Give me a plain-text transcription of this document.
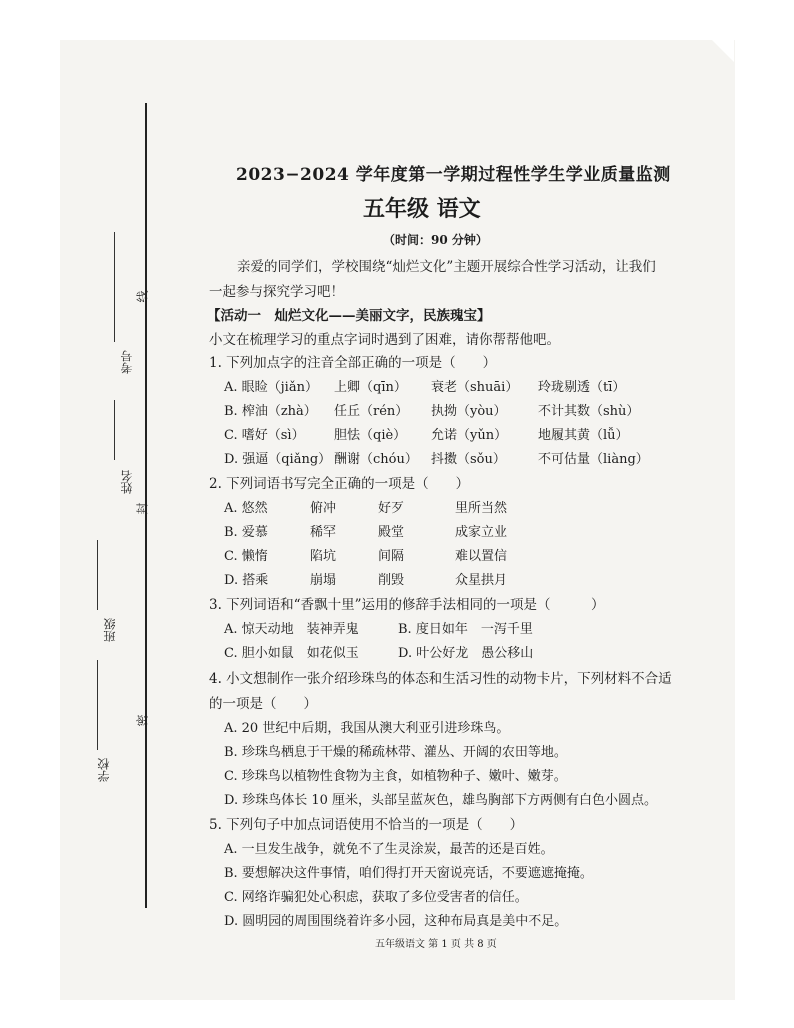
线
封
密
考号
姓名
班级
学校
2023−2024 学年度第一学期过程性学生学业质量监测
五年级 语文
（时间：90 分钟）
亲爱的同学们，学校围绕“灿烂文化”主题开展综合性学习活动，让我们
一起参与探究学习吧！
【活动一　灿烂文化——美丽文字，民族瑰宝】
小文在梳理学习的重点字词时遇到了困难，请你帮帮他吧。
1. 下列加点字的注音全部正确的一项是（　　）
A. 眼睑（jiǎn） 上卿（qīn） 衰老（shuāi） 玲珑剔透（tī）
B. 榨油（zhà） 任丘（rén） 执拗（yòu） 不计其数（shù）
C. 嗜好（sì） 胆怯（qiè） 允诺（yǔn） 地履其黄（lǚ）
D. 强逼（qiǎng） 酬谢（chóu） 抖擞（sǒu） 不可估量（liàng）
2. 下列词语书写完全正确的一项是（　　）
A. 悠然	俯冲	好歹	里所当然
B. 爱慕	稀罕	殿堂	成家立业
C. 懒惰	陷坑	间隔	难以置信
D. 搭乘	崩塌	削毁	众星拱月
3. 下列词语和“香飘十里”运用的修辞手法相同的一项是（　　　）
A. 惊天动地　装神弄鬼	B. 度日如年　一泻千里
C. 胆小如鼠　如花似玉	D. 叶公好龙　愚公移山
4. 小文想制作一张介绍珍珠鸟的体态和生活习性的动物卡片，下列材料不合适
的一项是（　　）
A. 20 世纪中后期，我国从澳大利亚引进珍珠鸟。
B. 珍珠鸟栖息于干燥的稀疏林带、灌丛、开阔的农田等地。
C. 珍珠鸟以植物性食物为主食，如植物种子、嫩叶、嫩芽。
D. 珍珠鸟体长 10 厘米，头部呈蓝灰色，雄鸟胸部下方两侧有白色小圆点。
5. 下列句子中加点词语使用不恰当的一项是（　　）
A. 一旦发生战争，就免不了生灵涂炭，最苦的还是百姓。
B. 要想解决这件事情，咱们得打开天窗说亮话，不要遮遮掩掩。
C. 网络诈骗犯处心积虑，获取了多位受害者的信任。
D. 圆明园的周围围绕着许多小园，这种布局真是美中不足。
五年级语文 第 1 页 共 8 页
